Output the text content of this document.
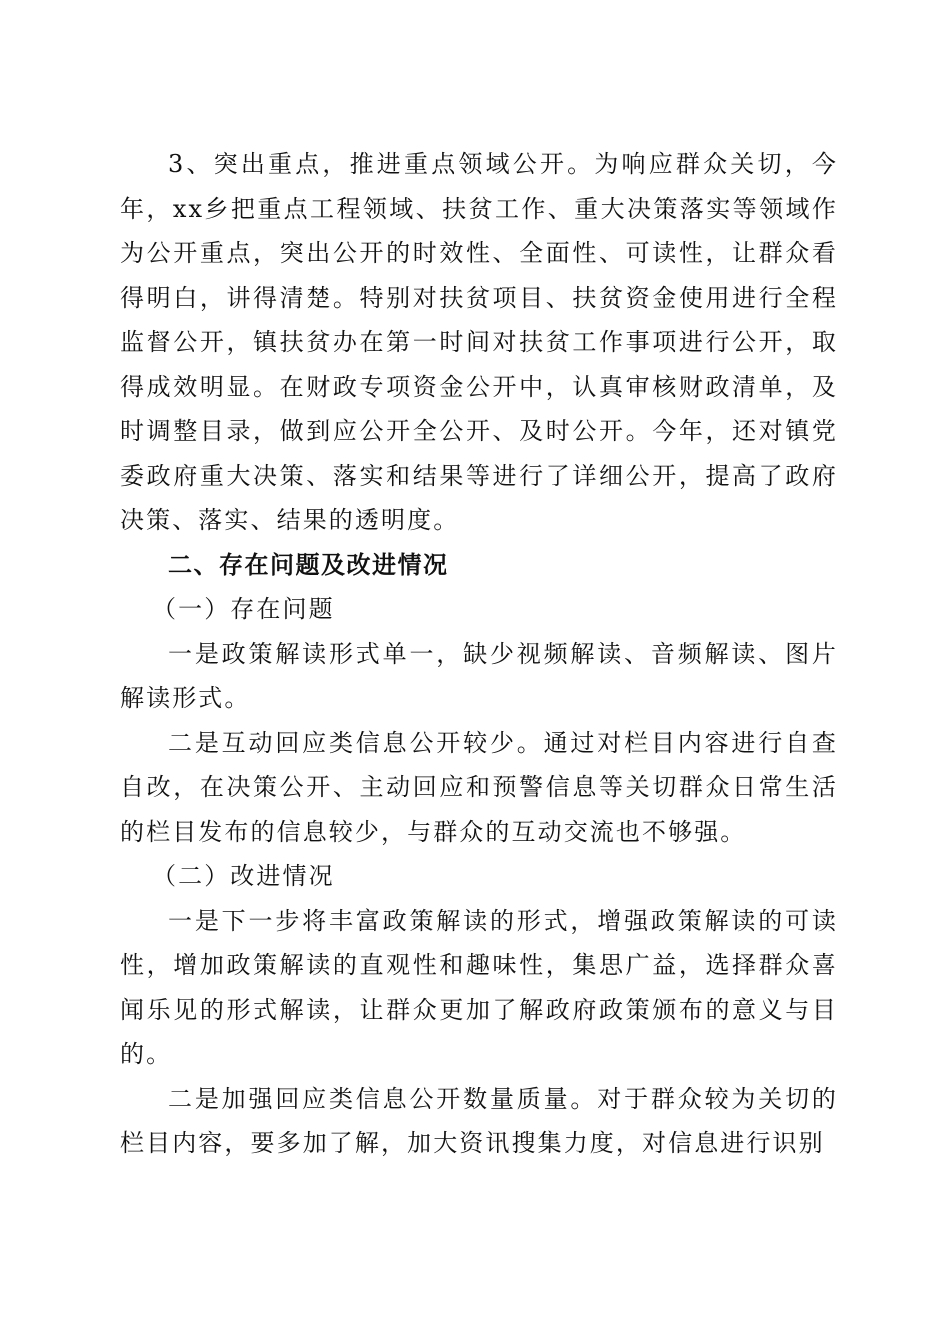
3、突出重点，推进重点领域公开。为响应群众关切，今年，xx乡把重点工程领域、扶贫工作、重大决策落实等领域作为公开重点，突出公开的时效性、全面性、可读性，让群众看得明白，讲得清楚。特别对扶贫项目、扶贫资金使用进行全程监督公开，镇扶贫办在第一时间对扶贫工作事项进行公开，取得成效明显。在财政专项资金公开中，认真审核财政清单，及时调整目录，做到应公开全公开、及时公开。今年，还对镇党委政府重大决策、落实和结果等进行了详细公开，提高了政府决策、落实、结果的透明度。

二、存在问题及改进情况

（一）存在问题

一是政策解读形式单一，缺少视频解读、音频解读、图片解读形式。

二是互动回应类信息公开较少。通过对栏目内容进行自查自改，在决策公开、主动回应和预警信息等关切群众日常生活的栏目发布的信息较少，与群众的互动交流也不够强。

（二）改进情况

一是下一步将丰富政策解读的形式，增强政策解读的可读性，增加政策解读的直观性和趣味性，集思广益，选择群众喜闻乐见的形式解读，让群众更加了解政府政策颁布的意义与目的。

二是加强回应类信息公开数量质量。对于群众较为关切的栏目内容，要多加了解，加大资讯搜集力度，对信息进行识别
